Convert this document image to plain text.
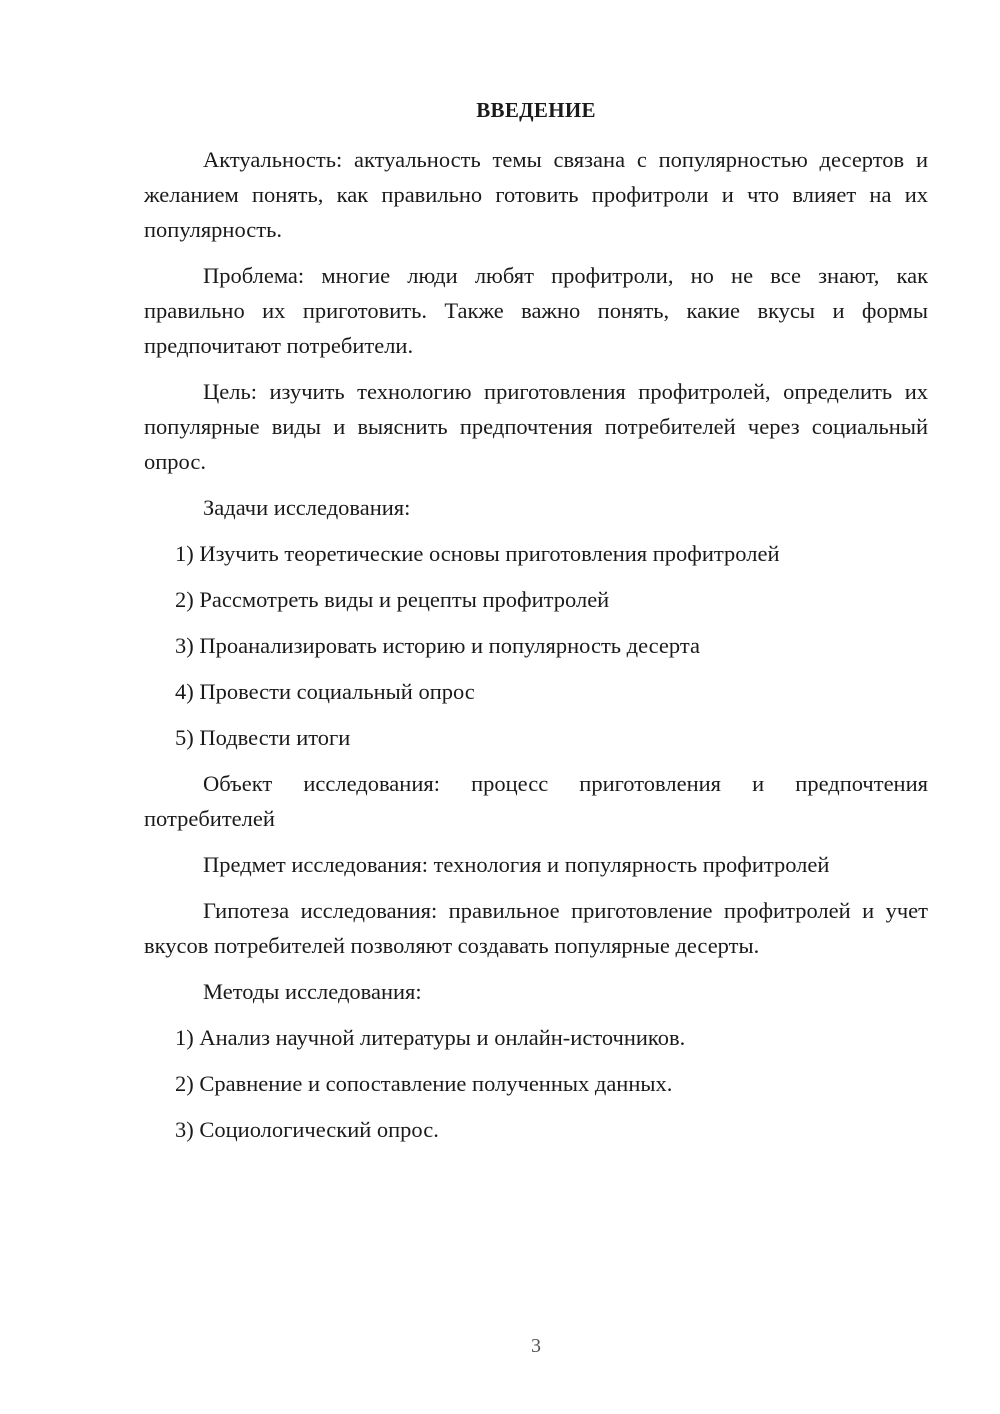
ВВЕДЕНИЕ

Актуальность: актуальность темы связана с популярностью десертов и желанием понять, как правильно готовить профитроли и что влияет на их популярность.

Проблема: многие люди любят профитроли, но не все знают, как правильно их приготовить. Также важно понять, какие вкусы и формы предпочитают потребители.

Цель: изучить технологию приготовления профитролей, определить их популярные виды и выяснить предпочтения потребителей через социальный опрос.

Задачи исследования:

1) Изучить теоретические основы приготовления профитролей

2) Рассмотреть виды и рецепты профитролей

3) Проанализировать историю и популярность десерта

4) Провести социальный опрос

5) Подвести итоги

Объект исследования: процесс приготовления и предпочтения потребителей

Предмет исследования: технология и популярность профитролей

Гипотеза исследования: правильное приготовление профитролей и учет вкусов потребителей позволяют создавать популярные десерты.

Методы исследования:

1) Анализ научной литературы и онлайн-источников.

2) Сравнение и сопоставление полученных данных.

3) Социологический опрос.

3
